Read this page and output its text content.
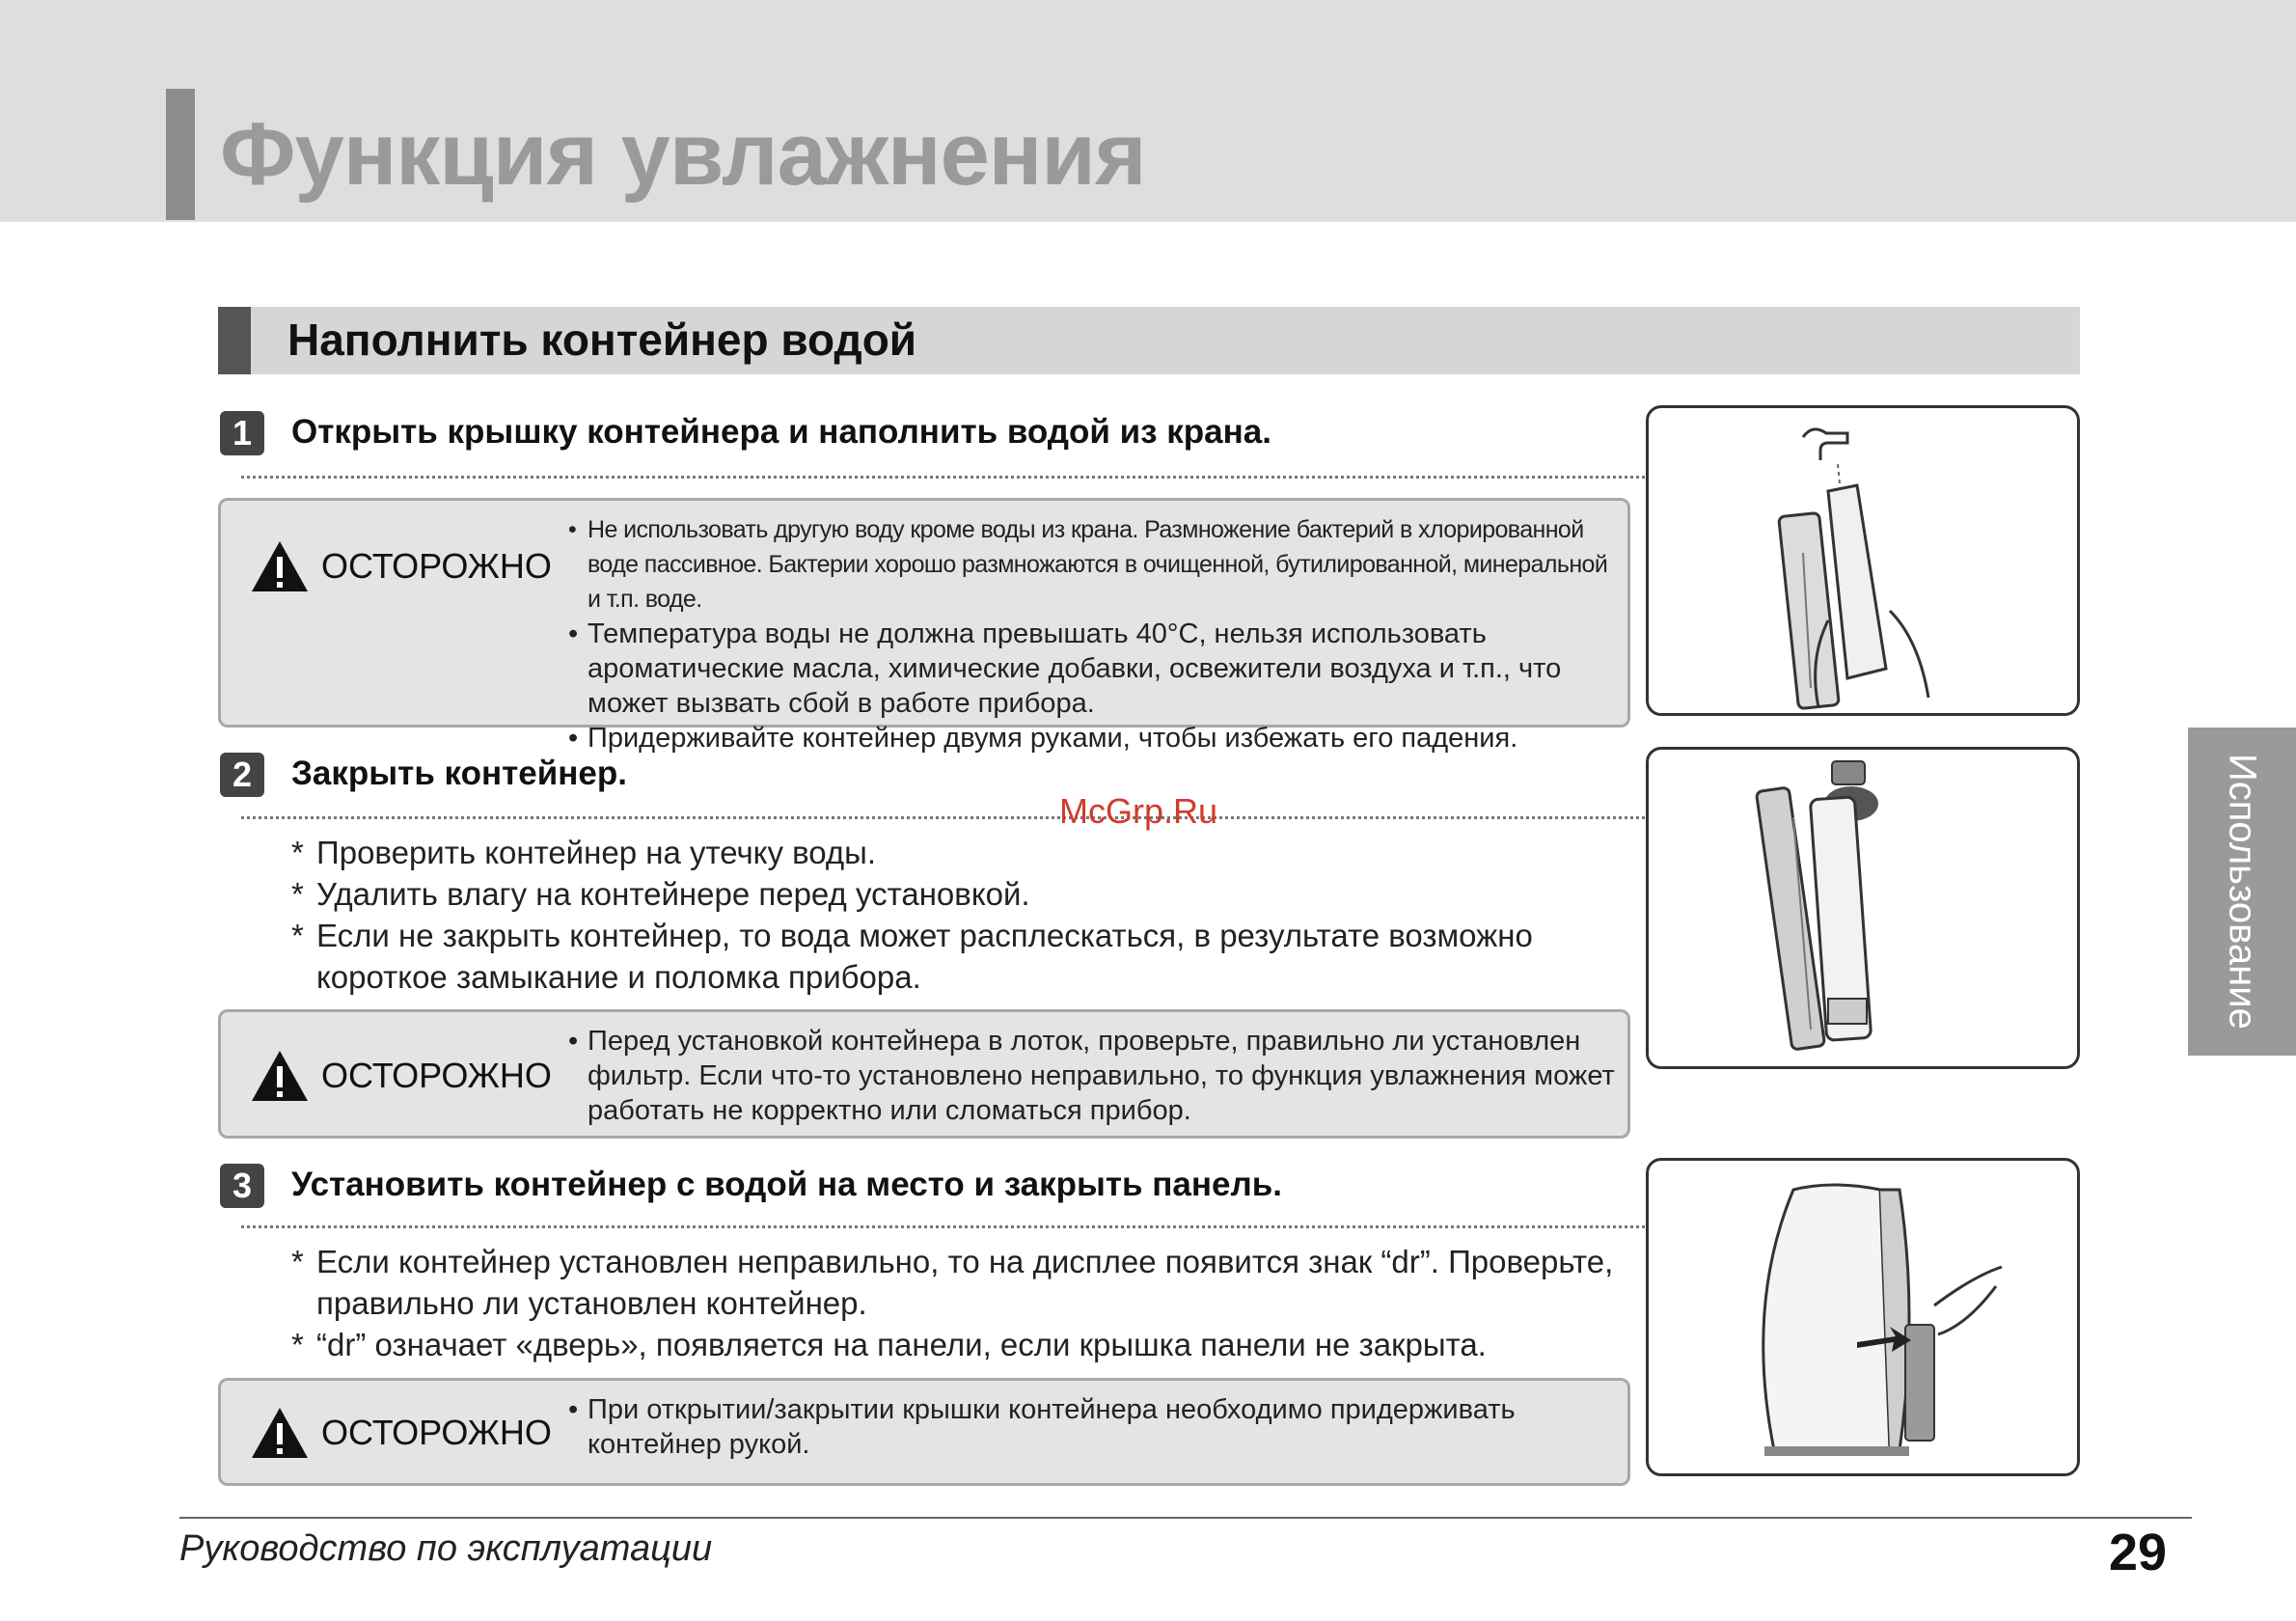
Функция увлажнения
Наполнить контейнер водой
1	Открыть крышку контейнера и наполнить водой из крана.
ОСТОРОЖНО
• Не использовать другую воду кроме воды из крана. Размножение бактерий в хлорированной воде пассивное. Бактерии хорошо размножаются в очищенной, бутилированной, минеральной и т.п. воде.
• Температура воды не должна превышать 40°C, нельзя использовать ароматические масла, химические добавки, освежители воздуха и т.п., что может вызвать сбой в работе прибора.
• Придерживайте контейнер двумя руками, чтобы избежать его падения.
2	Закрыть контейнер.
* Проверить контейнер на утечку воды.
* Удалить влагу на контейнере перед установкой.
* Если не закрыть контейнер, то вода может расплескаться, в результате возможно короткое замыкание и поломка прибора.
ОСТОРОЖНО
• Перед установкой контейнера в лоток, проверьте, правильно ли установлен фильтр. Если что-то установлено неправильно, то функция увлажнения может работать не корректно или сломаться прибор.
3	Установить контейнер с водой на место и закрыть панель.
* Если контейнер установлен неправильно, то на дисплее появится знак “dr”. Проверьте, правильно ли установлен контейнер.
* “dr” означает «дверь», появляется на панели, если крышка панели не закрыта.
ОСТОРОЖНО
• При открытии/закрытии крышки контейнера необходимо придерживать контейнер рукой.
Использование
McGrp.Ru
Руководство по эксплуатации	29
